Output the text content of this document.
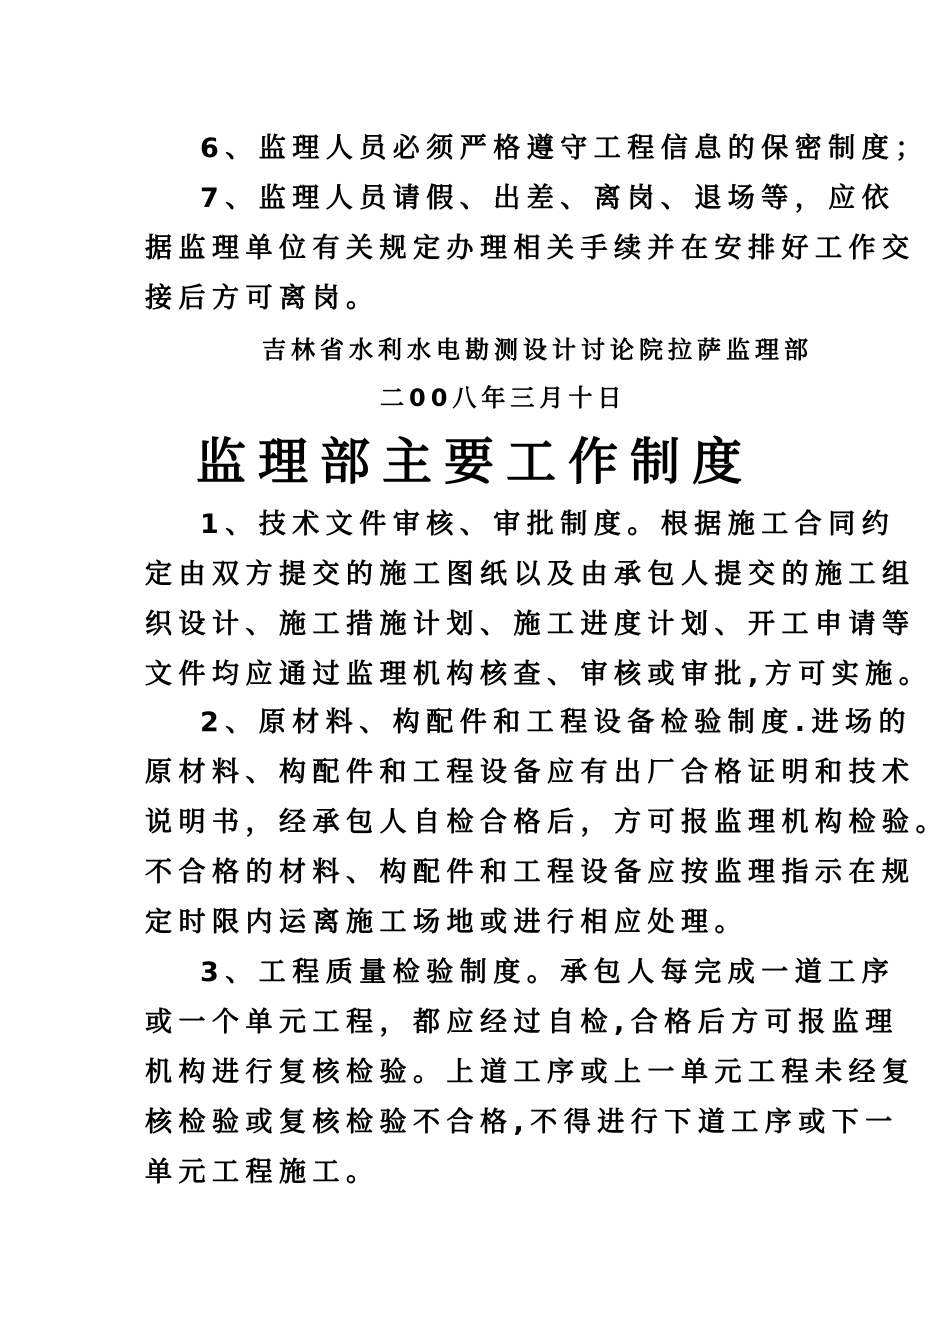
6、监理人员必须严格遵守工程信息的保密制度；
7、监理人员请假、出差、离岗、退场等，应依
据监理单位有关规定办理相关手续并在安排好工作交
接后方可离岗。
吉林省水利水电勘测设计讨论院拉萨监理部
二00八年三月十日
监理部主要工作制度
1、技术文件审核、审批制度。根据施工合同约
定由双方提交的施工图纸以及由承包人提交的施工组
织设计、施工措施计划、施工进度计划、开工申请等
文件均应通过监理机构核查、审核或审批,方可实施。
2、原材料、构配件和工程设备检验制度.进场的
原材料、构配件和工程设备应有出厂合格证明和技术
说明书，经承包人自检合格后，方可报监理机构检验。
不合格的材料、构配件和工程设备应按监理指示在规
定时限内运离施工场地或进行相应处理。
3、工程质量检验制度。承包人每完成一道工序
或一个单元工程，都应经过自检,合格后方可报监理
机构进行复核检验。上道工序或上一单元工程未经复
核检验或复核检验不合格,不得进行下道工序或下一
单元工程施工。
